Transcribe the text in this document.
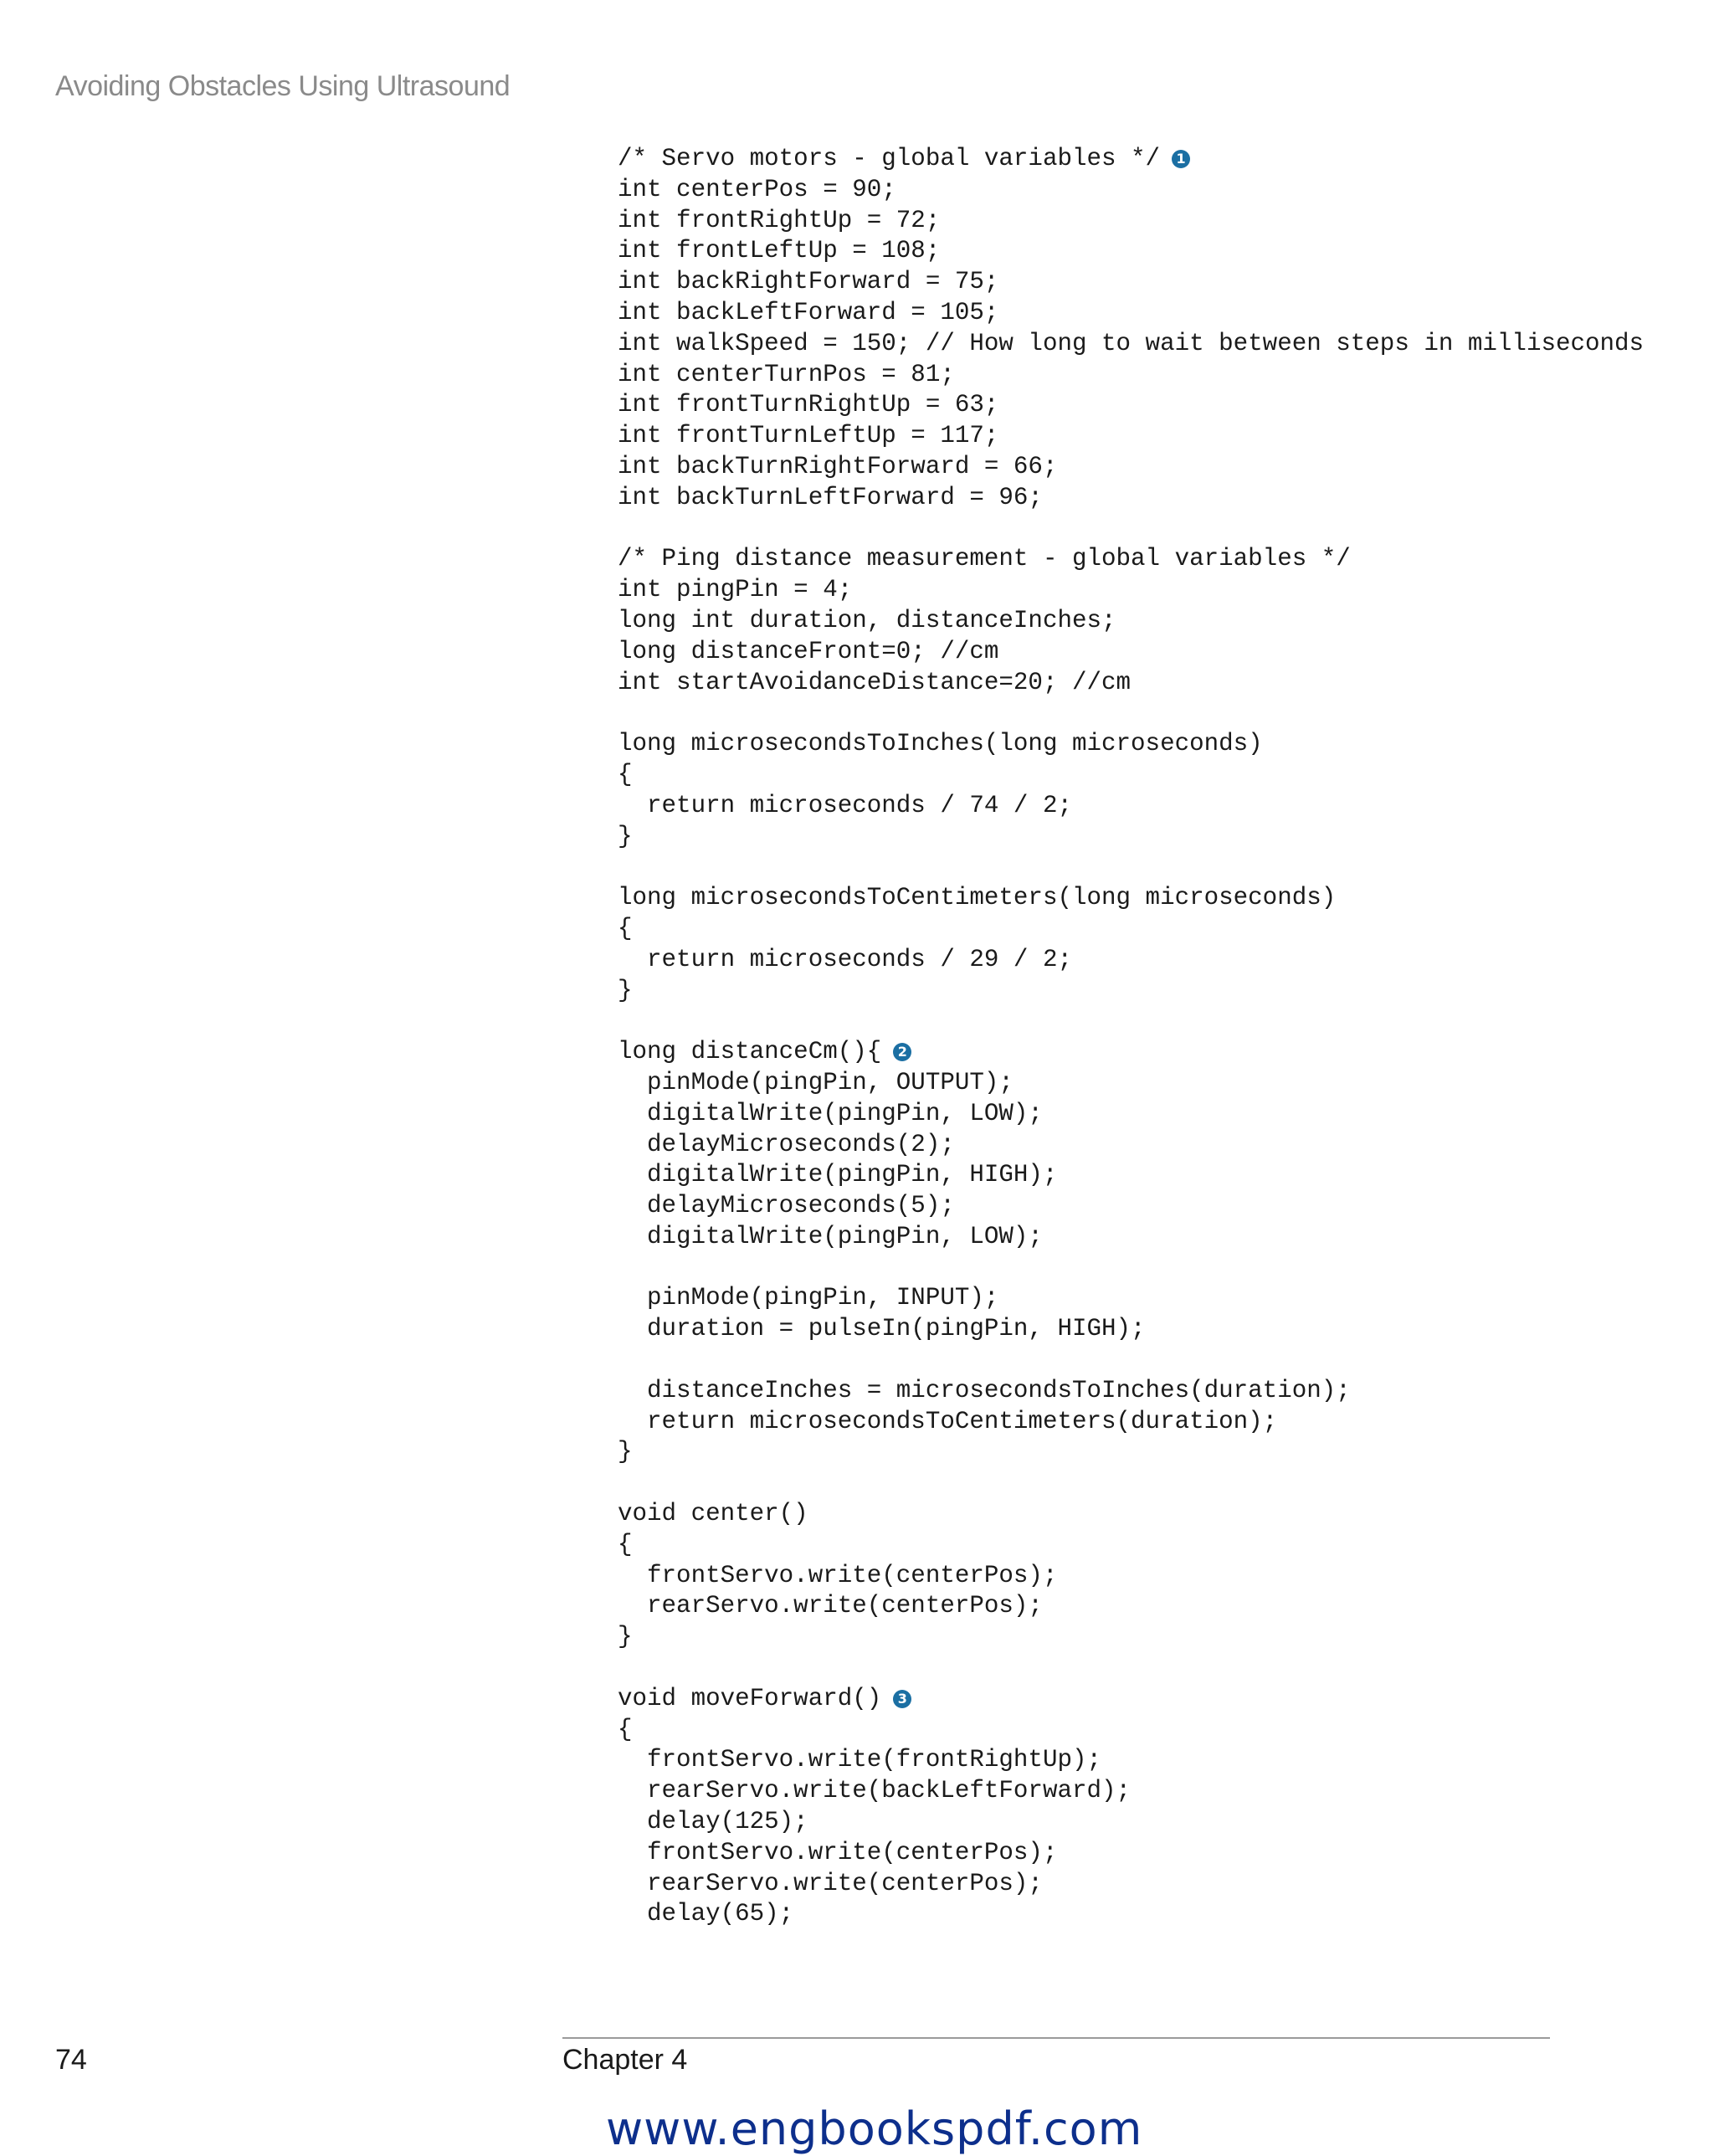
Avoiding Obstacles Using Ultrasound
/* Servo motors - global variables */ 1
int centerPos = 90;
int frontRightUp = 72;
int frontLeftUp = 108;
int backRightForward = 75;
int backLeftForward = 105;
int walkSpeed = 150; // How long to wait between steps in milliseconds
int centerTurnPos = 81;
int frontTurnRightUp = 63;
int frontTurnLeftUp = 117;
int backTurnRightForward = 66;
int backTurnLeftForward = 96;
/* Ping distance measurement - global variables */
int pingPin = 4;
long int duration, distanceInches;
long distanceFront=0; //cm
int startAvoidanceDistance=20; //cm
long microsecondsToInches(long microseconds)
{
return microseconds / 74 / 2;
}
long microsecondsToCentimeters(long microseconds)
{
return microseconds / 29 / 2;
}
long distanceCm(){ 2
pinMode(pingPin, OUTPUT);
digitalWrite(pingPin, LOW);
delayMicroseconds(2);
digitalWrite(pingPin, HIGH);
delayMicroseconds(5);
digitalWrite(pingPin, LOW);
pinMode(pingPin, INPUT);
duration = pulseIn(pingPin, HIGH);
distanceInches = microsecondsToInches(duration);
return microsecondsToCentimeters(duration);
}
void center()
{
frontServo.write(centerPos);
rearServo.write(centerPos);
}
void moveForward() 3
{
frontServo.write(frontRightUp);
rearServo.write(backLeftForward);
delay(125);
frontServo.write(centerPos);
rearServo.write(centerPos);
delay(65);
74	Chapter 4
www.engbookspdf.com
